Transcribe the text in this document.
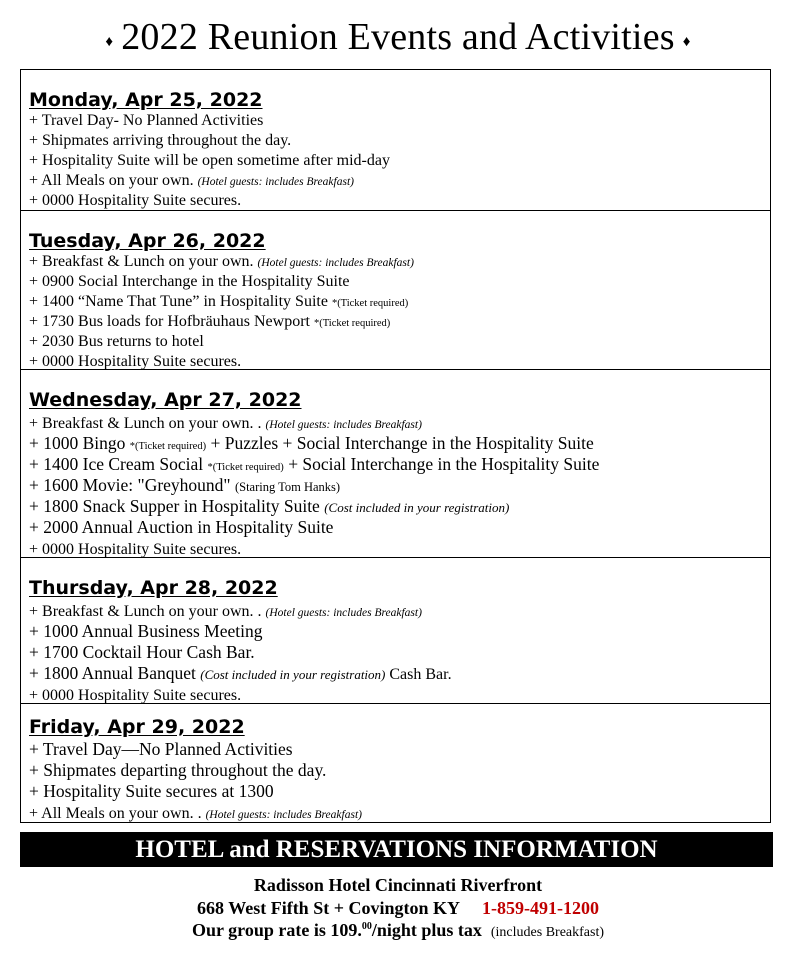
♦ 2022 Reunion Events and Activities ♦
Monday, Apr 25, 2022
+ Travel Day- No Planned Activities
+ Shipmates arriving throughout the day.
+ Hospitality Suite will be open sometime after mid-day
+ All Meals on your own. (Hotel guests: includes Breakfast)
+ 0000 Hospitality Suite secures.
Tuesday, Apr 26, 2022
+ Breakfast & Lunch on your own. (Hotel guests: includes Breakfast)
+ 0900 Social Interchange in the Hospitality Suite
+ 1400 “Name That Tune” in Hospitality Suite *(Ticket required)
+ 1730 Bus loads for Hofbräuhaus Newport *(Ticket required)
+ 2030 Bus returns to hotel
+ 0000 Hospitality Suite secures.
Wednesday, Apr 27, 2022
+ Breakfast & Lunch on your own. . (Hotel guests: includes Breakfast)
+ 1000 Bingo *(Ticket required) + Puzzles + Social Interchange in the Hospitality Suite
+ 1400 Ice Cream Social *(Ticket required) + Social Interchange in the Hospitality Suite
+ 1600 Movie: "Greyhound" (Staring Tom Hanks)
+ 1800 Snack Supper in Hospitality Suite (Cost included in your registration)
+ 2000 Annual Auction in Hospitality Suite
+ 0000 Hospitality Suite secures.
Thursday, Apr 28, 2022
+ Breakfast & Lunch on your own. . (Hotel guests: includes Breakfast)
+ 1000 Annual Business Meeting
+ 1700 Cocktail Hour Cash Bar.
+ 1800 Annual Banquet (Cost included in your registration) Cash Bar.
+ 0000 Hospitality Suite secures.
Friday, Apr 29, 2022
+ Travel Day—No Planned Activities
+ Shipmates departing throughout the day.
+ Hospitality Suite secures at 1300
+ All Meals on your own. . (Hotel guests: includes Breakfast)
HOTEL and RESERVATIONS INFORMATION
Radisson Hotel Cincinnati Riverfront
668 West Fifth St + Covington KY 1-859-491-1200
Our group rate is 109.00/night plus tax (includes Breakfast)
